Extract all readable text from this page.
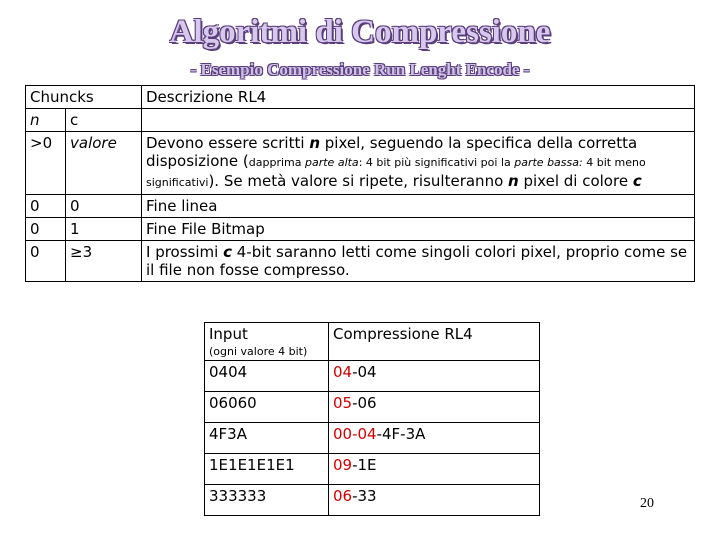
Algoritmi di Compressione
- Esempio Compressione Run Lenght Encode -
Chuncks		Descrizione RL4
n	c	
>0	valore	Devono essere scritti n pixel, seguendo la specifica della corretta disposizione (dapprima parte alta: 4 bit più significativi poi la parte bassa: 4 bit meno significativi). Se metà valore si ripete, risulteranno n pixel di colore c
0	0	Fine linea
0	1	Fine File Bitmap
0	≥3	I prossimi c 4-bit saranno letti come singoli colori pixel, proprio come se il file non fosse compresso.
Input
(ogni valore 4 bit)	Compressione RL4
0404	04-04
06060	05-06
4F3A	00-04-4F-3A
1E1E1E1E1	09-1E
333333	06-33	20
